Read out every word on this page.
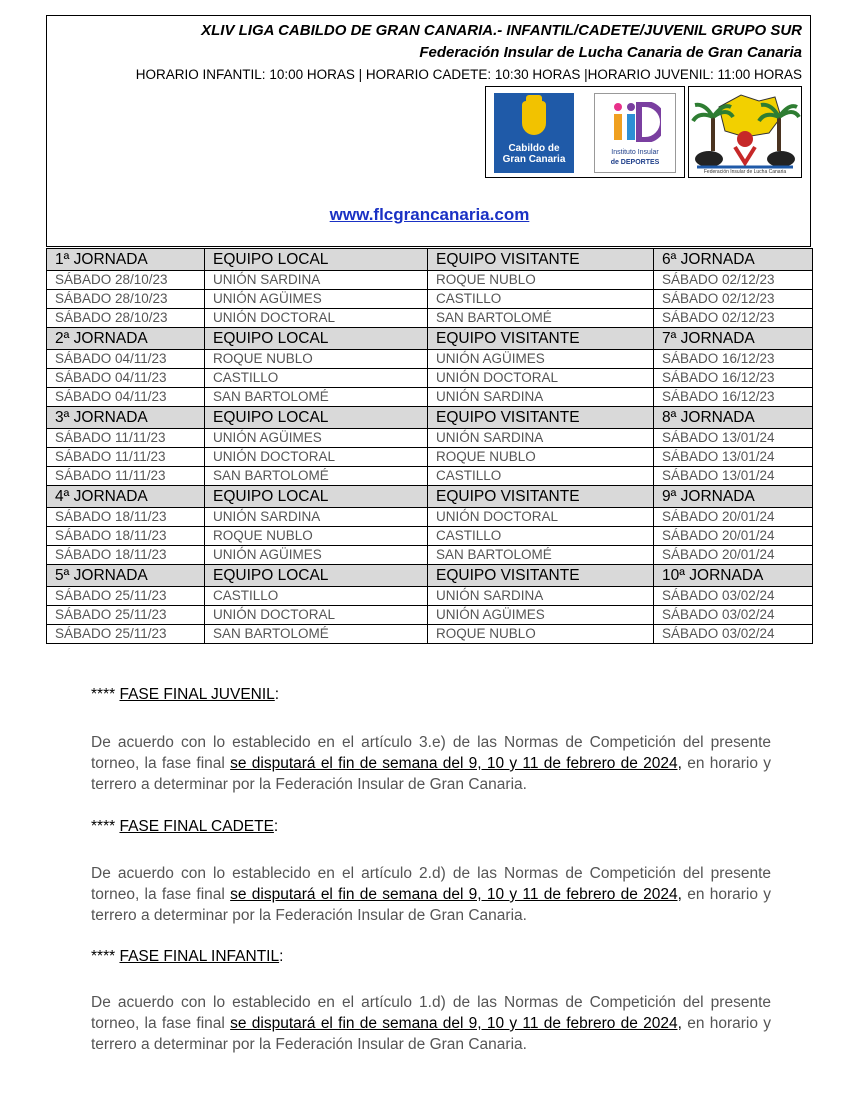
XLIV LIGA CABILDO DE GRAN CANARIA.- INFANTIL/CADETE/JUVENIL GRUPO SUR
Federación Insular de Lucha Canaria de Gran Canaria
HORARIO INFANTIL: 10:00 HORAS | HORARIO CADETE: 10:30 HORAS |HORARIO JUVENIL: 11:00 HORAS
Cabildo de
Gran Canaria
Instituto Insular
de DEPORTES
Federación Insular de Lucha Canaria
www.flcgrancanaria.com
1ª JORNADA	EQUIPO LOCAL	EQUIPO VISITANTE	6ª JORNADA
SÁBADO 28/10/23	UNIÓN SARDINA	ROQUE NUBLO	SÁBADO 02/12/23
SÁBADO 28/10/23	UNIÓN AGÜIMES	CASTILLO	SÁBADO 02/12/23
SÁBADO 28/10/23	UNIÓN DOCTORAL	SAN BARTOLOMÉ	SÁBADO 02/12/23
2ª JORNADA	EQUIPO LOCAL	EQUIPO VISITANTE	7ª JORNADA
SÁBADO 04/11/23	ROQUE NUBLO	UNIÓN AGÜIMES	SÁBADO 16/12/23
SÁBADO 04/11/23	CASTILLO	UNIÓN DOCTORAL	SÁBADO 16/12/23
SÁBADO 04/11/23	SAN BARTOLOMÉ	UNIÓN SARDINA	SÁBADO 16/12/23
3ª JORNADA	EQUIPO LOCAL	EQUIPO VISITANTE	8ª JORNADA
SÁBADO 11/11/23	UNIÓN AGÜIMES	UNIÓN SARDINA	SÁBADO 13/01/24
SÁBADO 11/11/23	UNIÓN DOCTORAL	ROQUE NUBLO	SÁBADO 13/01/24
SÁBADO 11/11/23	SAN BARTOLOMÉ	CASTILLO	SÁBADO 13/01/24
4ª JORNADA	EQUIPO LOCAL	EQUIPO VISITANTE	9ª JORNADA
SÁBADO 18/11/23	UNIÓN SARDINA	UNIÓN DOCTORAL	SÁBADO 20/01/24
SÁBADO 18/11/23	ROQUE NUBLO	CASTILLO	SÁBADO 20/01/24
SÁBADO 18/11/23	UNIÓN AGÜIMES	SAN BARTOLOMÉ	SÁBADO 20/01/24
5ª JORNADA	EQUIPO LOCAL	EQUIPO VISITANTE	10ª JORNADA
SÁBADO 25/11/23	CASTILLO	UNIÓN SARDINA	SÁBADO 03/02/24
SÁBADO 25/11/23	UNIÓN DOCTORAL	UNIÓN AGÜIMES	SÁBADO 03/02/24
SÁBADO 25/11/23	SAN BARTOLOMÉ	ROQUE NUBLO	SÁBADO 03/02/24
**** FASE FINAL JUVENIL:
De acuerdo con lo establecido en el artículo 3.e) de las Normas de Competición del presente torneo, la fase final se disputará el fin de semana del 9, 10 y 11 de febrero de 2024, en horario y terrero a determinar por la Federación Insular de Gran Canaria.
**** FASE FINAL CADETE:
De acuerdo con lo establecido en el artículo 2.d) de las Normas de Competición del presente torneo, la fase final se disputará el fin de semana del 9, 10 y 11 de febrero de 2024, en horario y terrero a determinar por la Federación Insular de Gran Canaria.
**** FASE FINAL INFANTIL:
De acuerdo con lo establecido en el artículo 1.d) de las Normas de Competición del presente torneo, la fase final se disputará el fin de semana del 9, 10 y 11 de febrero de 2024, en horario y terrero a determinar por la Federación Insular de Gran Canaria.
